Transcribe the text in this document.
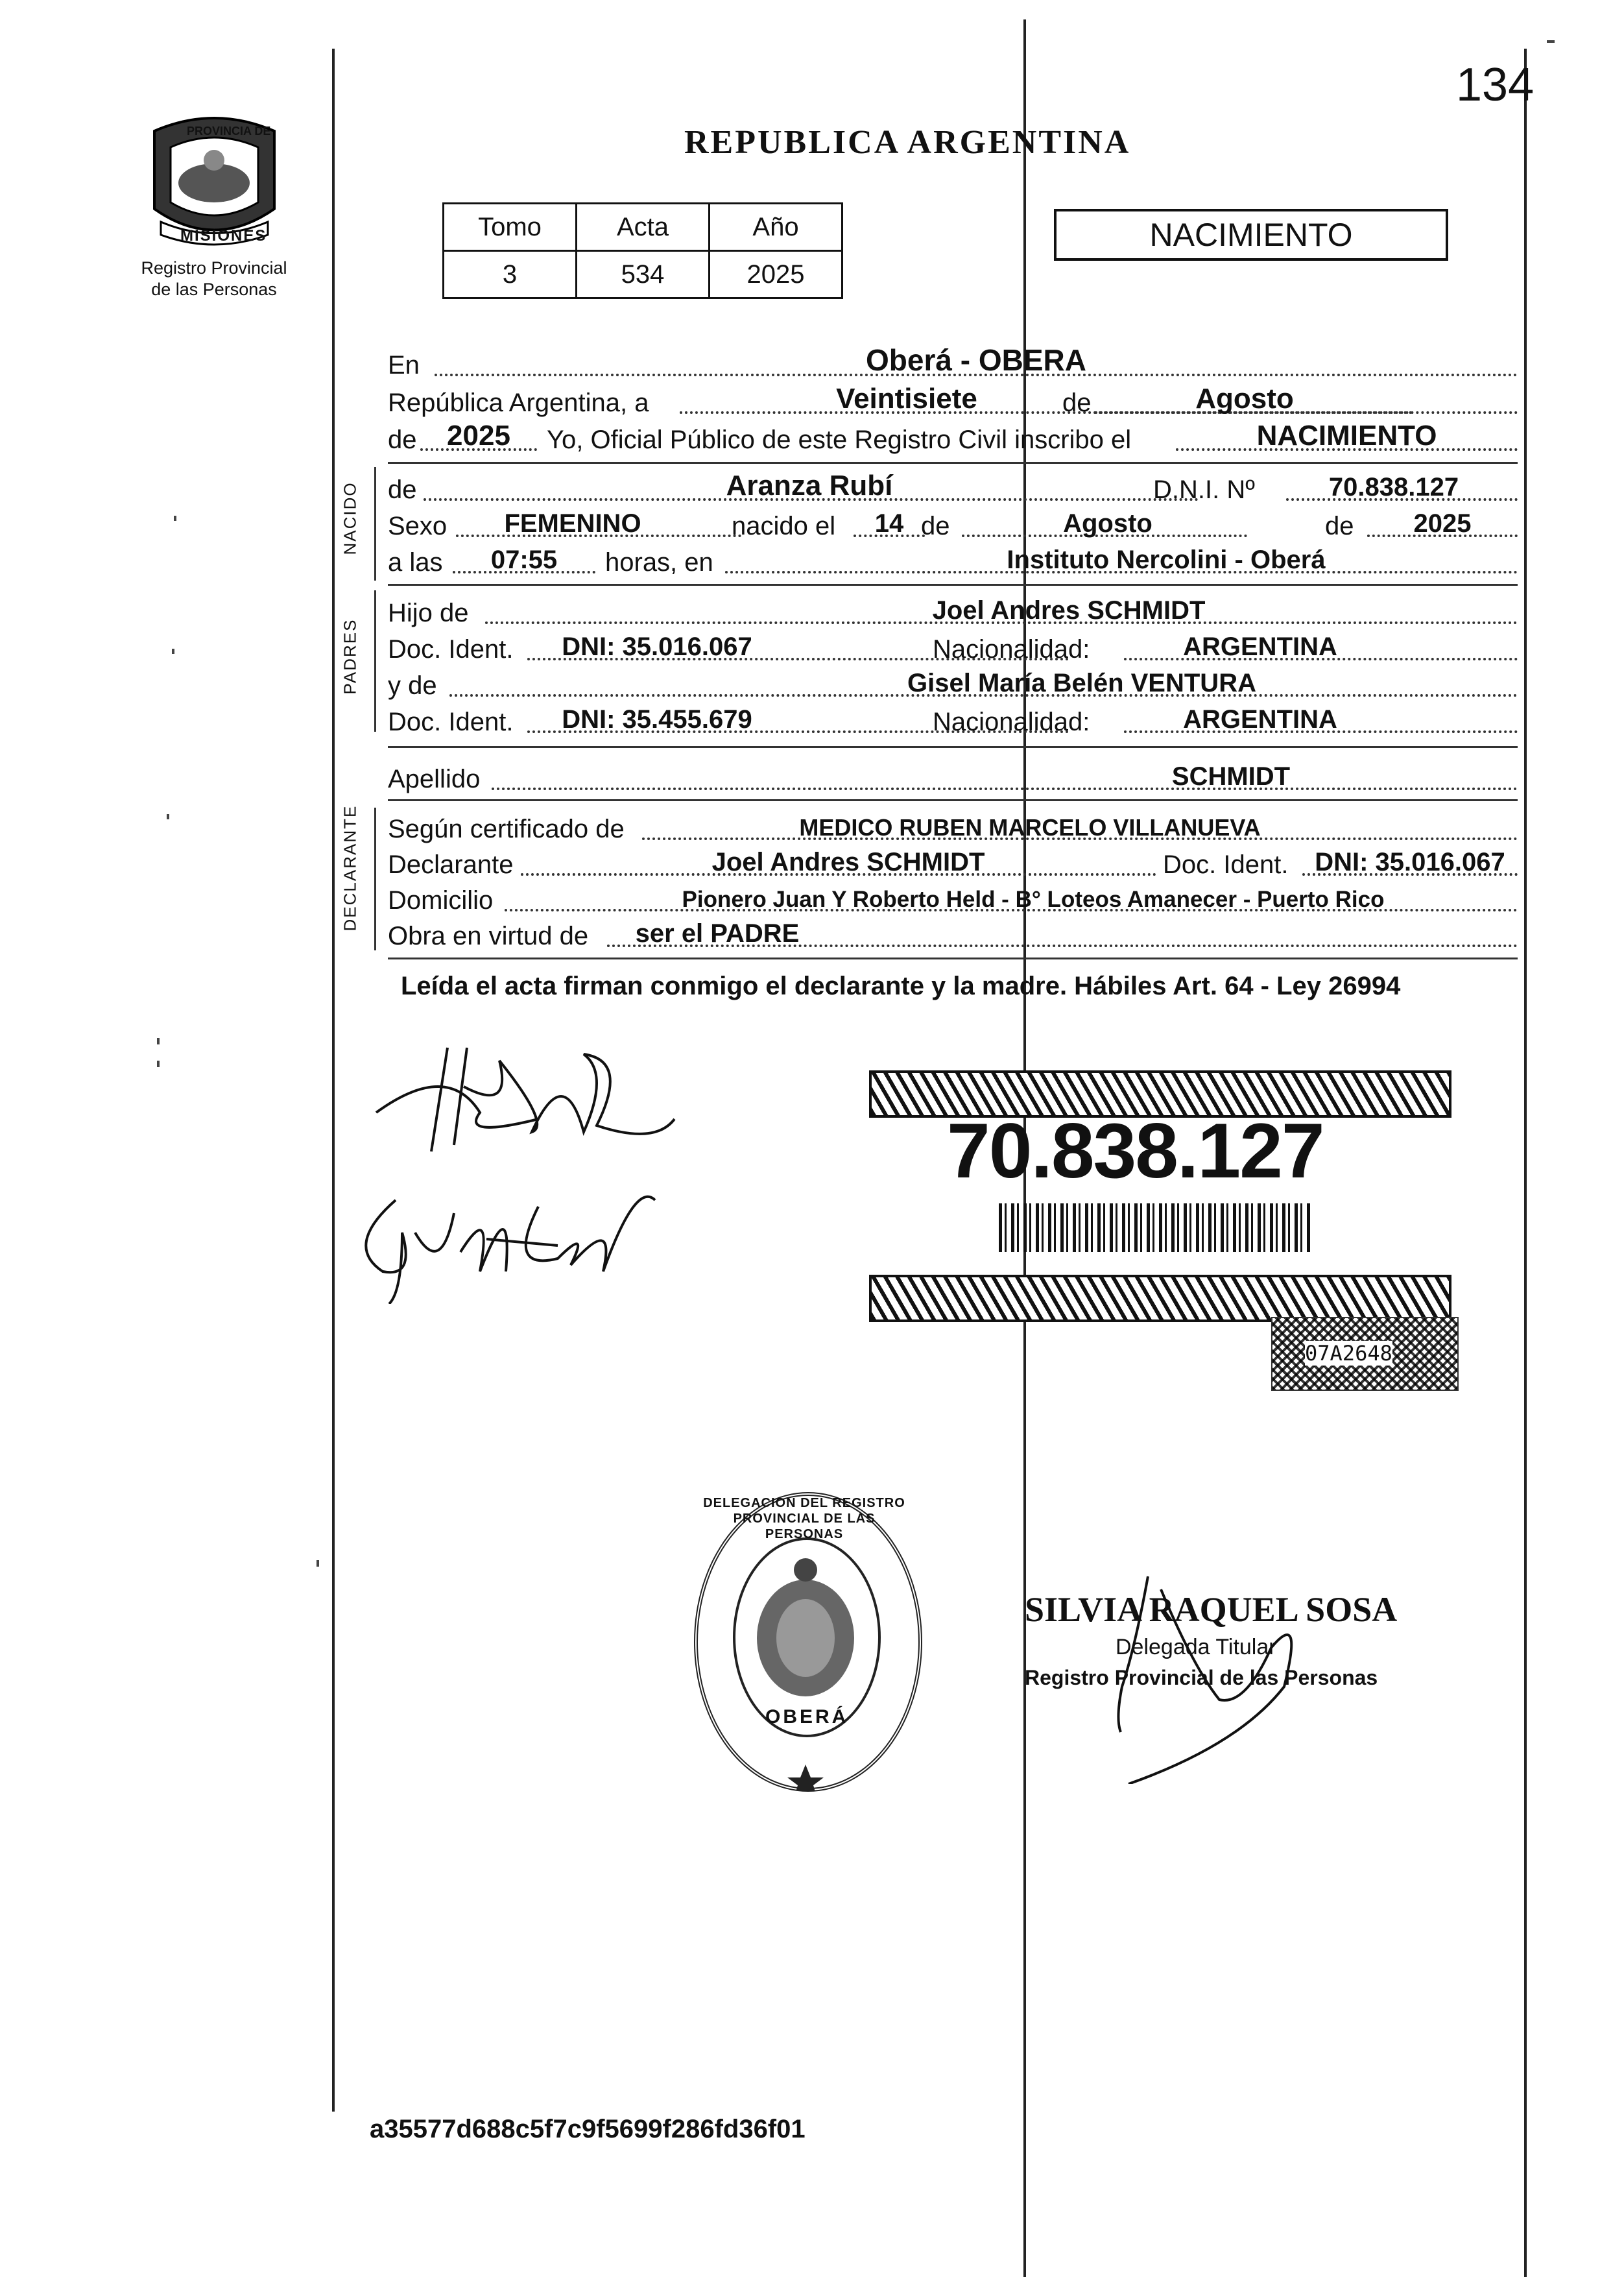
134
PROVINCIA DE
MISIONES
Registro Provincial
de las Personas
REPUBLICA ARGENTINA
Tomo	Acta	Año
3	534	2025
NACIMIENTO
En	Oberá - OBERA
República Argentina, a	Veintisiete	de	Agosto
de	2025	Yo, Oficial Público de este Registro Civil inscribo el	NACIMIENTO
NACIDO de	Aranza Rubí	D.N.I. Nº	70.838.127
Sexo	FEMENINO	nacido el	14 de	Agosto	de	2025
a las	07:55	horas, en	Instituto Nercolini - Oberá
PADRES
Hijo de	Joel Andres SCHMIDT
Doc. Ident.	DNI: 35.016.067	Nacionalidad:	ARGENTINA
y de	Gisel María Belén VENTURA
Doc. Ident.	DNI: 35.455.679	Nacionalidad:	ARGENTINA
Apellido	SCHMIDT
DECLARANTE Según certificado de	MEDICO RUBEN MARCELO VILLANUEVA
Declarante	Joel Andres SCHMIDT	Doc. Ident.	DNI: 35.016.067
Domicilio	Pionero Juan Y Roberto Held - B° Loteos Amanecer - Puerto Rico
Obra en virtud de	ser el PADRE
Leída el acta firman conmigo el declarante y la madre. Hábiles Art. 64 - Ley 26994
70.838.127
07A2648
DELEGACION DEL REGISTRO PROVINCIAL DE LAS PERSONAS
OBERÁ
SILVIA RAQUEL SOSA
Delegada Titular
Registro Provincial de las Personas
a35577d688c5f7c9f5699f286fd36f01
